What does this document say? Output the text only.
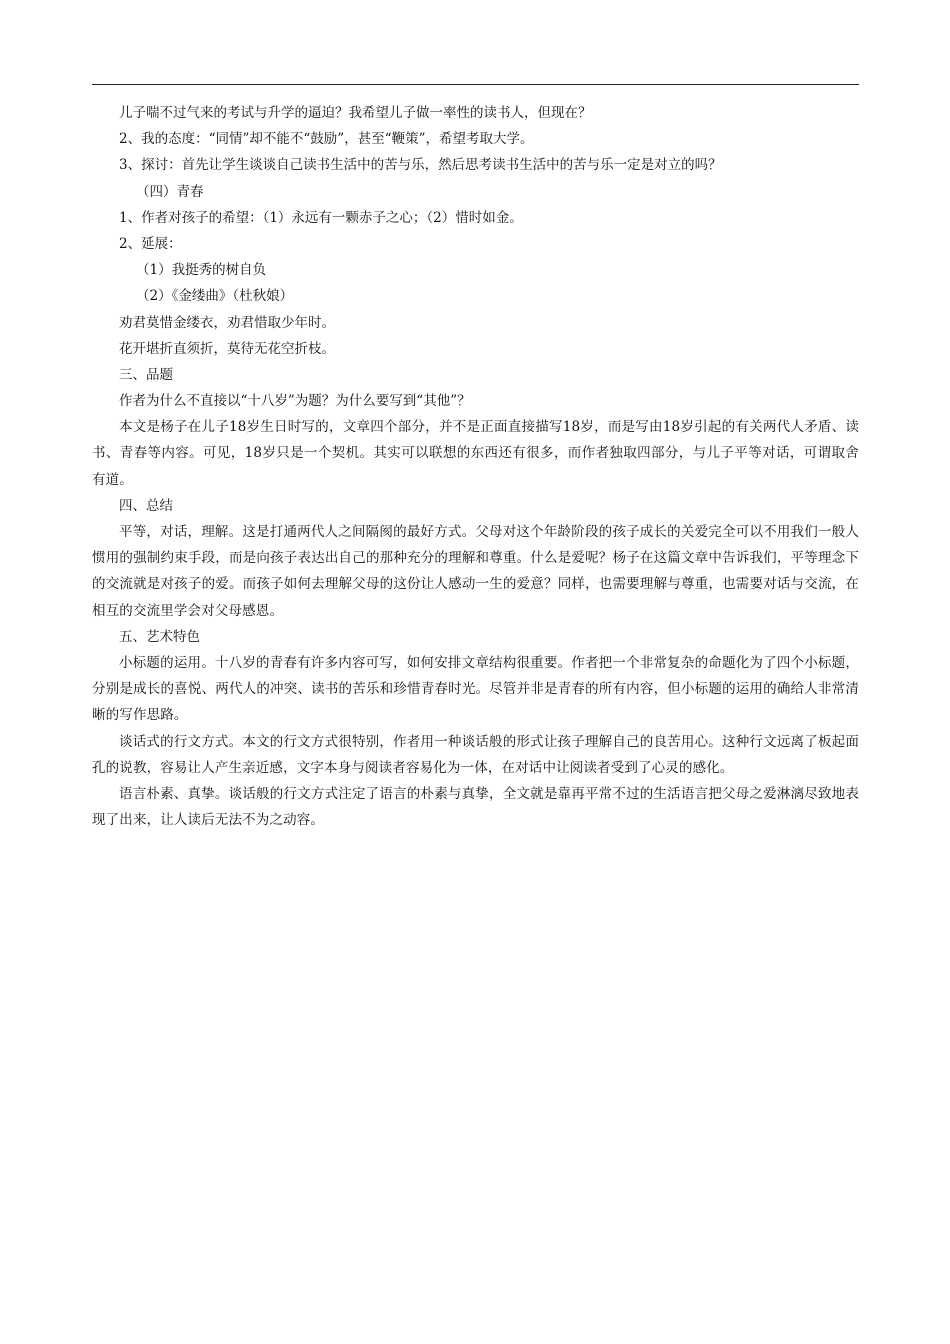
儿子喘不过气来的考试与升学的逼迫？我希望儿子做一率性的读书人，但现在？
2、我的态度：“同情”却不能不“鼓励”，甚至“鞭策”，希望考取大学。
3、探讨：首先让学生谈谈自己读书生活中的苦与乐，然后思考读书生活中的苦与乐一定是对立的吗？
（四）青春
1、作者对孩子的希望：（1）永远有一颗赤子之心；（2）惜时如金。
2、延展：
（1）我挺秀的树自负
（2）《金缕曲》（杜秋娘）
劝君莫惜金缕衣，劝君惜取少年时。
花开堪折直须折，莫待无花空折枝。
三、品题
作者为什么不直接以“十八岁”为题？为什么要写到“其他”？

本文是杨子在儿子18岁生日时写的，文章四个部分，并不是正面直接描写18岁，而是写由18岁引起的有关两代人矛盾、读书、青春等内容。可见，18岁只是一个契机。其实可以联想的东西还有很多，而作者独取四部分，与儿子平等对话，可谓取舍有道。

四、总结

平等，对话，理解。这是打通两代人之间隔阂的最好方式。父母对这个年龄阶段的孩子成长的关爱完全可以不用我们一般人惯用的强制约束手段，而是向孩子表达出自己的那种充分的理解和尊重。什么是爱呢？杨子在这篇文章中告诉我们，平等理念下的交流就是对孩子的爱。而孩子如何去理解父母的这份让人感动一生的爱意？同样，也需要理解与尊重，也需要对话与交流，在相互的交流里学会对父母感恩。

五、艺术特色

小标题的运用。十八岁的青春有许多内容可写，如何安排文章结构很重要。作者把一个非常复杂的命题化为了四个小标题，分别是成长的喜悦、两代人的冲突、读书的苦乐和珍惜青春时光。尽管并非是青春的所有内容，但小标题的运用的确给人非常清晰的写作思路。

谈话式的行文方式。本文的行文方式很特别，作者用一种谈话般的形式让孩子理解自己的良苦用心。这种行文远离了板起面孔的说教，容易让人产生亲近感，文字本身与阅读者容易化为一体，在对话中让阅读者受到了心灵的感化。

语言朴素、真挚。谈话般的行文方式注定了语言的朴素与真挚，全文就是靠再平常不过的生活语言把父母之爱淋漓尽致地表现了出来，让人读后无法不为之动容。
